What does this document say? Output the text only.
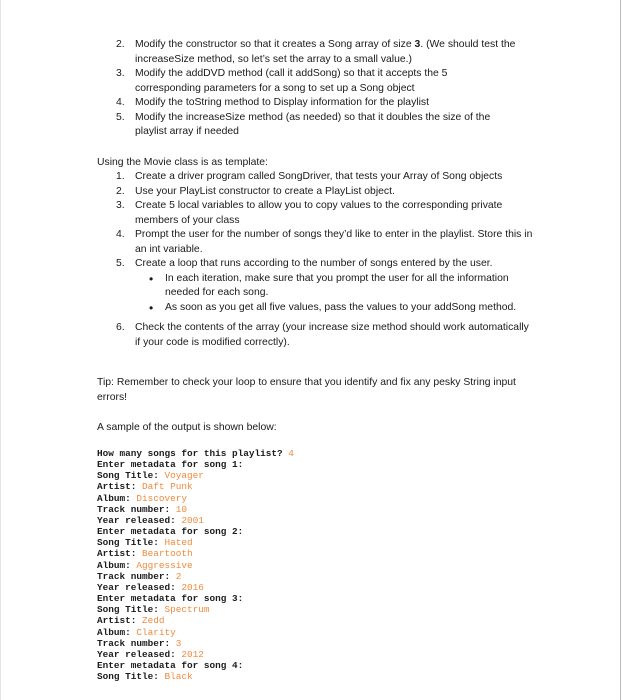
2. Modify the constructor so that it creates a Song array of size 3. (We should test the increaseSize method, so let’s set the array to a small value.)
3. Modify the addDVD method (call it addSong) so that it accepts the 5 corresponding parameters for a song to set up a Song object
4. Modify the toString method to Display information for the playlist
5. Modify the increaseSize method (as needed) so that it doubles the size of the playlist array if needed
Using the Movie class is as template:
1. Create a driver program called SongDriver, that tests your Array of Song objects
2. Use your PlayList constructor to create a PlayList object.
3. Create 5 local variables to allow you to copy values to the corresponding private members of your class
4. Prompt the user for the number of songs they’d like to enter in the playlist. Store this in an int variable.
5. Create a loop that runs according to the number of songs entered by the user.
• In each iteration, make sure that you prompt the user for all the information needed for each song.
• As soon as you get all five values, pass the values to your addSong method.
6. Check the contents of the array (your increase size method should work automatically if your code is modified correctly).
Tip: Remember to check your loop to ensure that you identify and fix any pesky String input errors!
A sample of the output is shown below:
How many songs for this playlist? 4
Enter metadata for song 1:
Song Title: Voyager
Artist: Daft Punk
Album: Discovery
Track number: 10
Year released: 2001
Enter metadata for song 2:
Song Title: Hated
Artist: Beartooth
Album: Aggressive
Track number: 2
Year released: 2016
Enter metadata for song 3:
Song Title: Spectrum
Artist: Zedd
Album: Clarity
Track number: 3
Year released: 2012
Enter metadata for song 4:
Song Title: Black
